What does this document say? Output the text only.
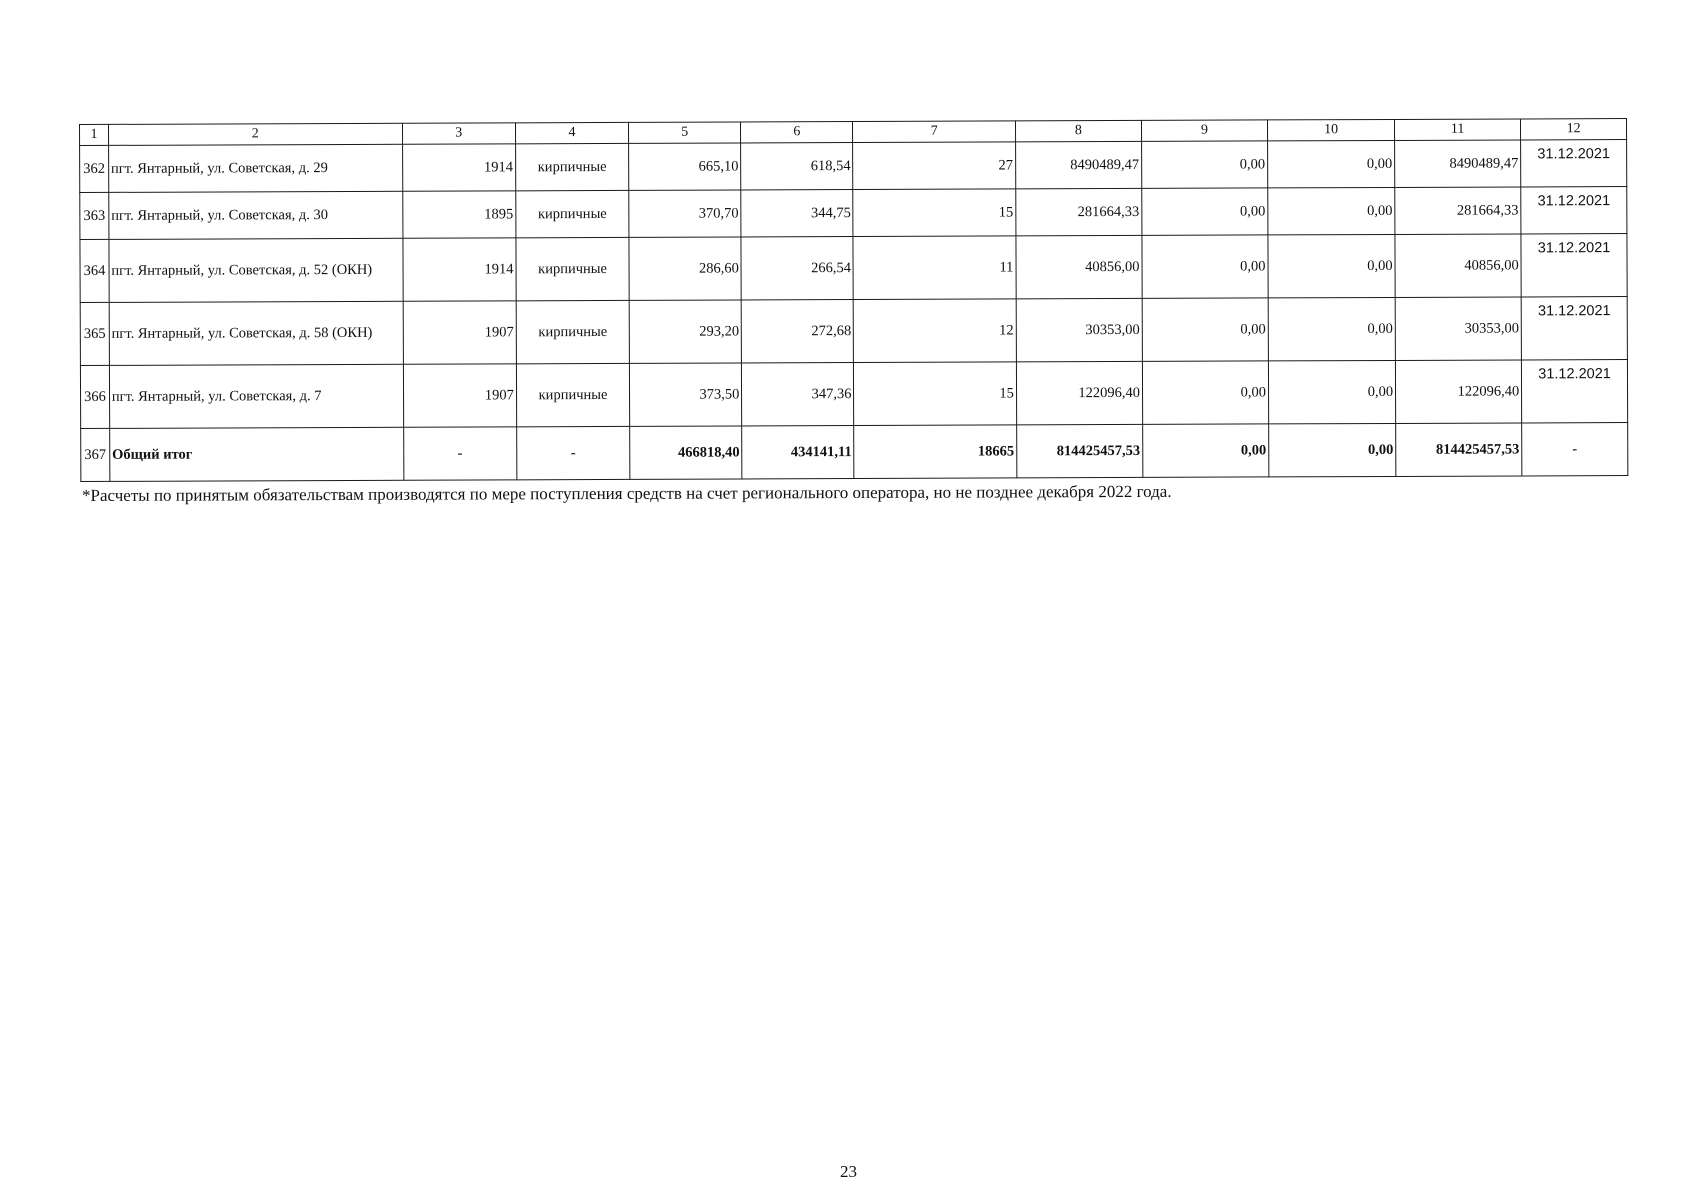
1	2	3	4	5	6	7	8	9	10	11	12
362	пгт. Янтарный, ул. Советская, д. 29	1914	кирпичные	665,10	618,54	27	8490489,47	0,00	0,00	8490489,47	31.12.2021
363	пгт. Янтарный, ул. Советская, д. 30	1895	кирпичные	370,70	344,75	15	281664,33	0,00	0,00	281664,33	31.12.2021
364	пгт. Янтарный, ул. Советская, д. 52 (ОКН)	1914	кирпичные	286,60	266,54	11	40856,00	0,00	0,00	40856,00	31.12.2021
365	пгт. Янтарный, ул. Советская, д. 58 (ОКН)	1907	кирпичные	293,20	272,68	12	30353,00	0,00	0,00	30353,00	31.12.2021
366	пгт. Янтарный, ул. Советская, д. 7	1907	кирпичные	373,50	347,36	15	122096,40	0,00	0,00	122096,40	31.12.2021
367	Общий итог	-	-	466818,40	434141,11	18665	814425457,53	0,00	0,00	814425457,53	-
*Расчеты по принятым обязательствам производятся по мере поступления средств на счет регионального оператора, но не позднее декабря 2022 года.
23
